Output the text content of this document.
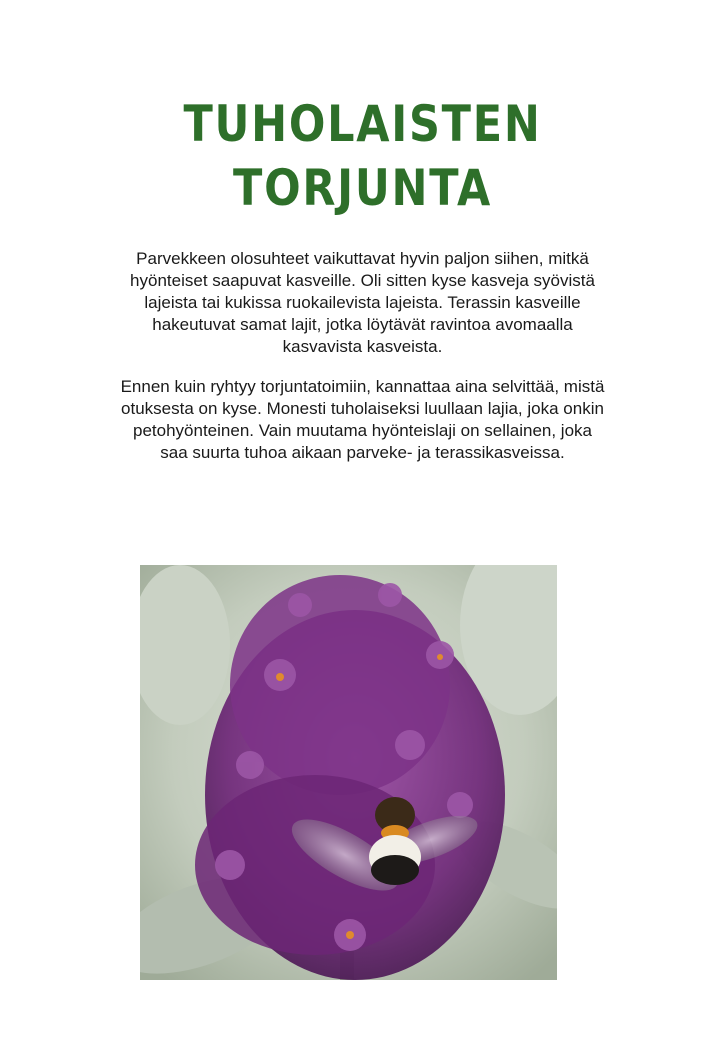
TUHOLAISTEN
TORJUNTA

Parvekkeen olosuhteet vaikuttavat hyvin paljon siihen, mitkä hyönteiset saapuvat kasveille. Oli sitten kyse kasveja syövistä lajeista tai kukissa ruokailevista lajeista. Terassin kasveille hakeutuvat samat lajit, jotka löytävät ravintoa avomaalla kasvavista kasveista.

Ennen kuin ryhtyy torjuntatoimiin, kannattaa aina selvittää, mistä otuksesta on kyse. Monesti tuholaiseksi luullaan lajia, joka onkin petohyönteinen. Vain muutama hyönteislaji on sellainen, joka saa suurta tuhoa aikaan parveke- ja terassikasveissa.
